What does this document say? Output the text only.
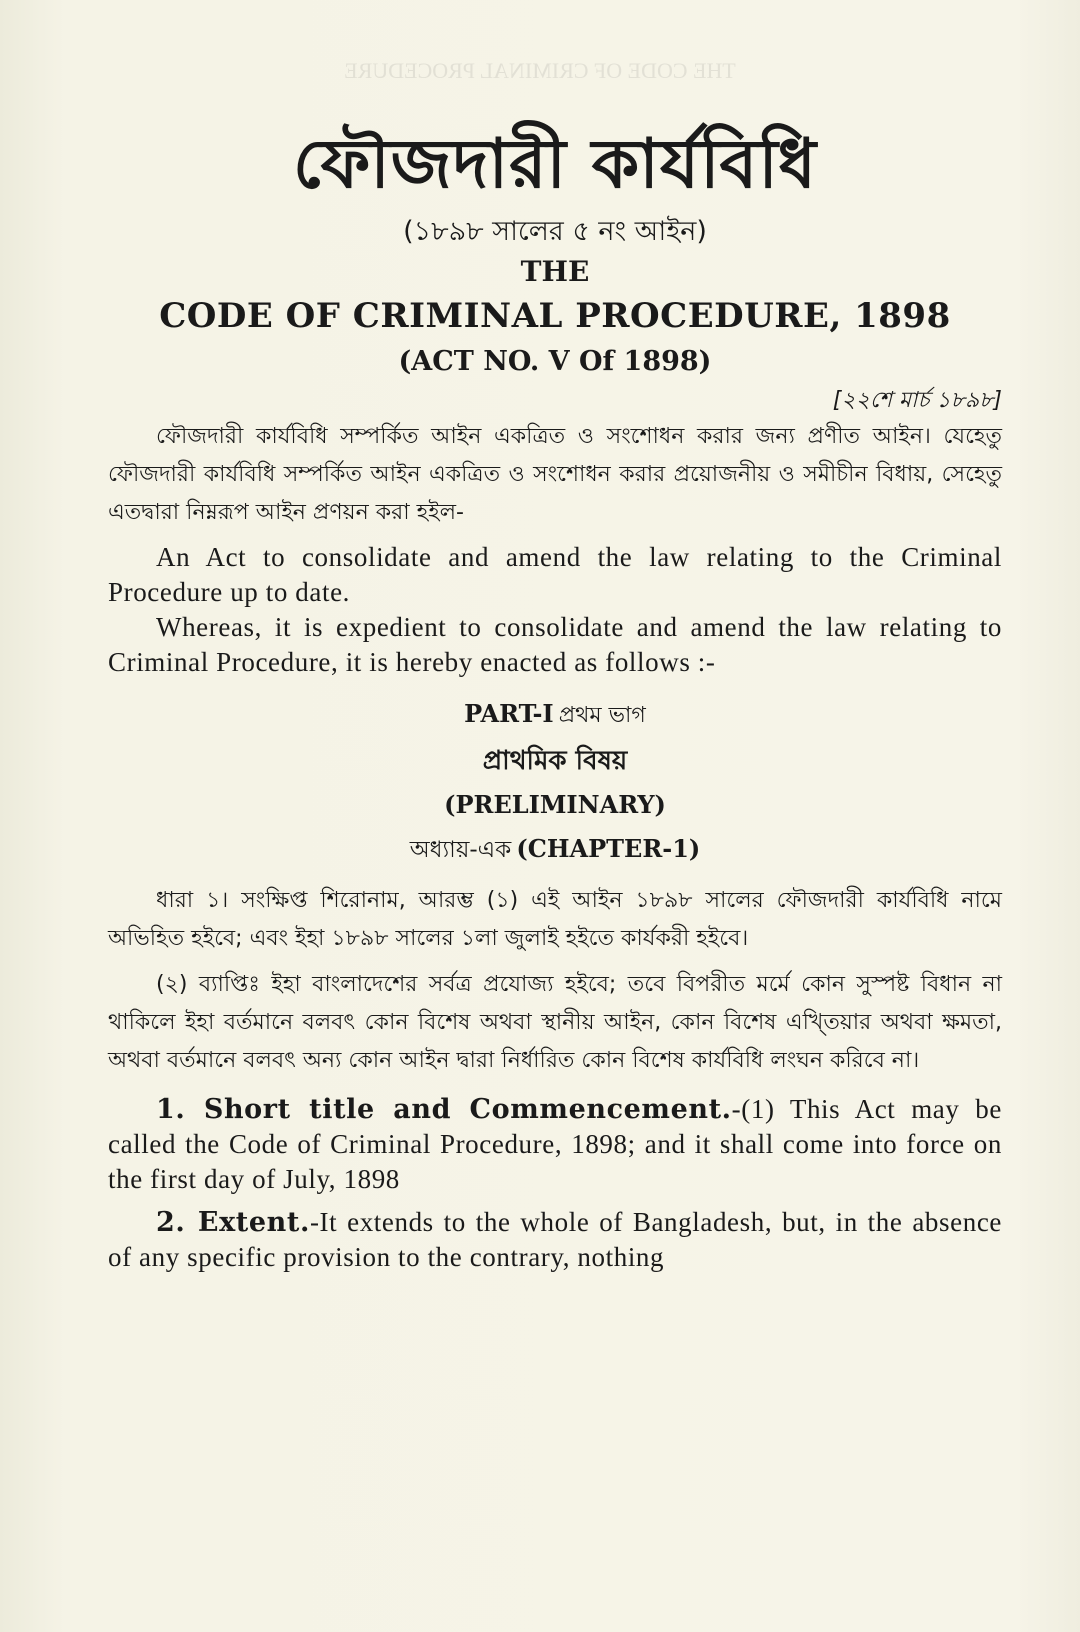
THE CODE OF CRIMINAL PROCEDURE
ফৌজদারী কার্যবিধি
(১৮৯৮ সালের ৫ নং আইন)
THE
CODE OF CRIMINAL PROCEDURE, 1898
(ACT NO. V Of 1898)
[২২শে মার্চ ১৮৯৮]

ফৌজদারী কার্যবিধি সম্পর্কিত আইন একত্রিত ও সংশোধন করার জন্য প্রণীত আইন। যেহেতু ফৌজদারী কার্যবিধি সম্পর্কিত আইন একত্রিত ও সংশোধন করার প্রয়োজনীয় ও সমীচীন বিধায়, সেহেতু এতদ্বারা নিম্নরূপ আইন প্রণয়ন করা হইল-

An Act to consolidate and amend the law relating to the Criminal Procedure up to date.

Whereas, it is expedient to consolidate and amend the law relating to Criminal Procedure, it is hereby enacted as follows :-

PART-I প্রথম ভাগ
প্রাথমিক বিষয়
(PRELIMINARY)
অধ্যায়-এক (CHAPTER-1)

ধারা ১। সংক্ষিপ্ত শিরোনাম, আরম্ভ (১) এই আইন ১৮৯৮ সালের ফৌজদারী কার্যবিধি নামে অভিহিত হইবে; এবং ইহা ১৮৯৮ সালের ১লা জুলাই হইতে কার্যকরী হইবে।

(২) ব্যাপ্তিঃ ইহা বাংলাদেশের সর্বত্র প্রযোজ্য হইবে; তবে বিপরীত মর্মে কোন সুস্পষ্ট বিধান না থাকিলে ইহা বর্তমানে বলবৎ কোন বিশেষ অথবা স্থানীয় আইন, কোন বিশেষ এখ্তিয়ার অথবা ক্ষমতা, অথবা বর্তমানে বলবৎ অন্য কোন আইন দ্বারা নির্ধারিত কোন বিশেষ কার্যবিধি লংঘন করিবে না।

1. Short title and Commencement.-(1) This Act may be called the Code of Criminal Procedure, 1898; and it shall come into force on the first day of July, 1898

2. Extent.-It extends to the whole of Bangladesh, but, in the absence of any specific provision to the contrary, nothing
